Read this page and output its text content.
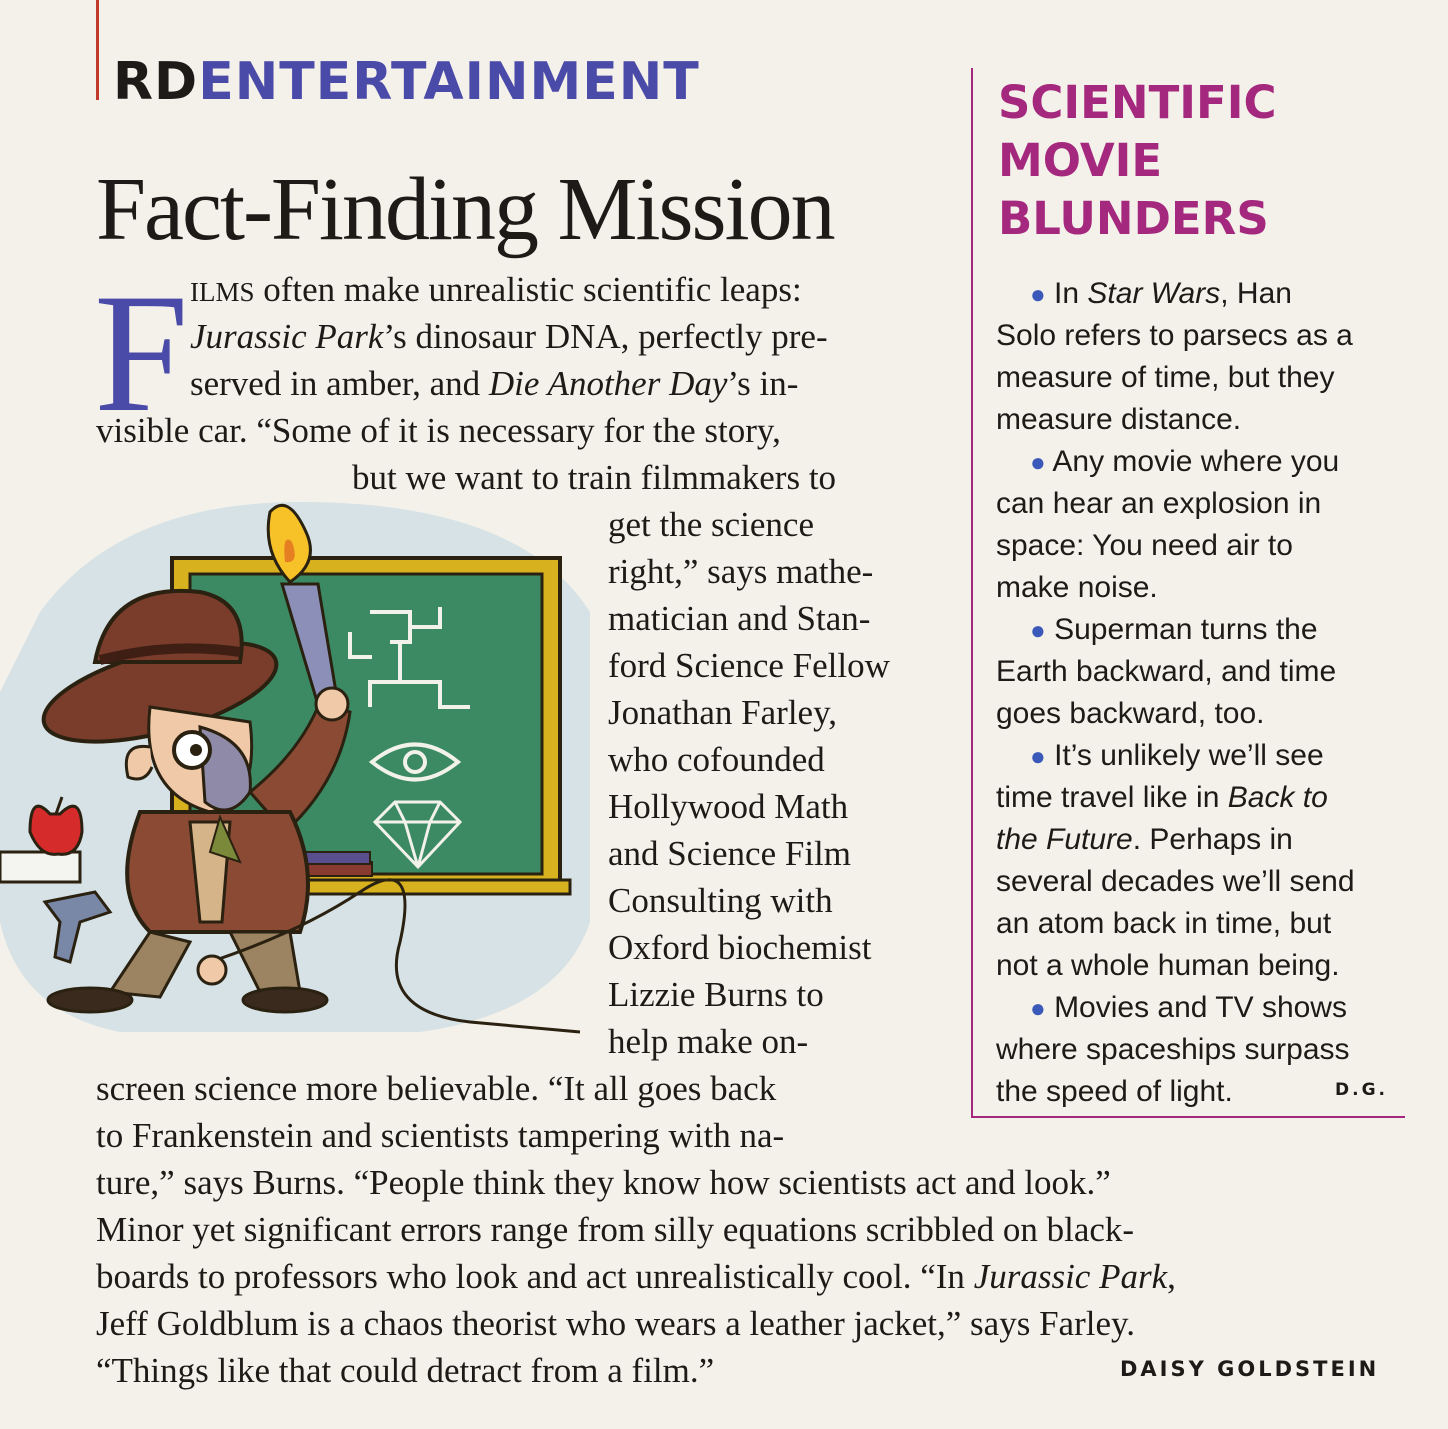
RDENTERTAINMENT
Fact-Finding Mission
F ILMS often make unrealistic scientific leaps:
Jurassic Park’s dinosaur DNA, perfectly pre-
served in amber, and Die Another Day’s in-
visible car. “Some of it is necessary for the story,
but we want to train filmmakers to
get the science
right,” says mathe-
matician and Stan-
ford Science Fellow
Jonathan Farley,
who cofounded
Hollywood Math
and Science Film
Consulting with
Oxford biochemist
Lizzie Burns to
help make on-
screen science more believable. “It all goes back
to Frankenstein and scientists tampering with na-
ture,” says Burns. “People think they know how scientists act and look.”
Minor yet significant errors range from silly equations scribbled on black-
boards to professors who look and act unrealistically cool. “In Jurassic Park,
Jeff Goldblum is a chaos theorist who wears a leather jacket,” says Farley.
“Things like that could detract from a film.”	DAISY GOLDSTEIN
SCIENTIFIC
MOVIE
BLUNDERS
● In Star Wars, Han
Solo refers to parsecs as a
measure of time, but they
measure distance.
● Any movie where you
can hear an explosion in
space: You need air to
make noise.
● Superman turns the
Earth backward, and time
goes backward, too.
● It’s unlikely we’ll see
time travel like in Back to
the Future. Perhaps in
several decades we’ll send
an atom back in time, but
not a whole human being.
● Movies and TV shows
where spaceships surpass
the speed of light.	D.G.
